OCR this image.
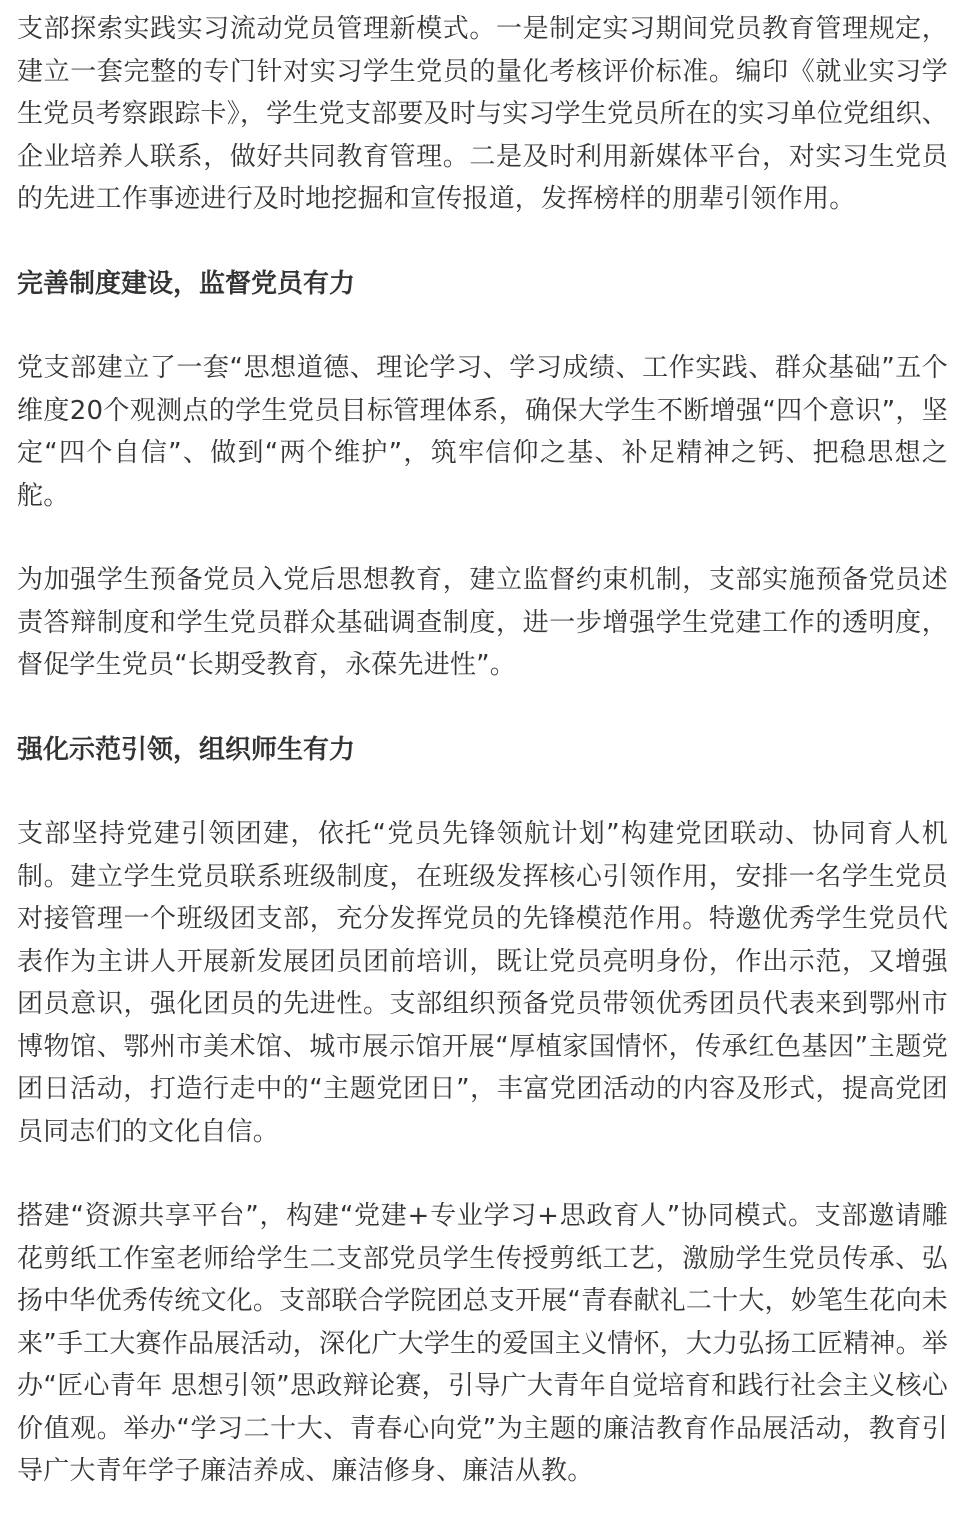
支部探索实践实习流动党员管理新模式。一是制定实习期间党员教育管理规定，建立一套完整的专门针对实习学生党员的量化考核评价标准。编印《就业实习学生党员考察跟踪卡》，学生党支部要及时与实习学生党员所在的实习单位党组织、企业培养人联系，做好共同教育管理。二是及时利用新媒体平台，对实习生党员的先进工作事迹进行及时地挖掘和宣传报道，发挥榜样的朋辈引领作用。

完善制度建设，监督党员有力

党支部建立了一套“思想道德、理论学习、学习成绩、工作实践、群众基础”五个维度20个观测点的学生党员目标管理体系，确保大学生不断增强“四个意识”，坚定“四个自信”、做到“两个维护”，筑牢信仰之基、补足精神之钙、把稳思想之舵。

为加强学生预备党员入党后思想教育，建立监督约束机制，支部实施预备党员述责答辩制度和学生党员群众基础调查制度，进一步增强学生党建工作的透明度，督促学生党员“长期受教育，永葆先进性”。

强化示范引领，组织师生有力

支部坚持党建引领团建，依托“党员先锋领航计划”构建党团联动、协同育人机制。建立学生党员联系班级制度，在班级发挥核心引领作用，安排一名学生党员对接管理一个班级团支部，充分发挥党员的先锋模范作用。特邀优秀学生党员代表作为主讲人开展新发展团员团前培训，既让党员亮明身份，作出示范，又增强团员意识，强化团员的先进性。支部组织预备党员带领优秀团员代表来到鄂州市博物馆、鄂州市美术馆、城市展示馆开展“厚植家国情怀，传承红色基因”主题党团日活动，打造行走中的“主题党团日”，丰富党团活动的内容及形式，提高党团员同志们的文化自信。

搭建“资源共享平台”，构建“党建+专业学习+思政育人”协同模式。支部邀请雕花剪纸工作室老师给学生二支部党员学生传授剪纸工艺，激励学生党员传承、弘扬中华优秀传统文化。支部联合学院团总支开展“青春献礼二十大，妙笔生花向未来”手工大赛作品展活动，深化广大学生的爱国主义情怀，大力弘扬工匠精神。举办“匠心青年 思想引领”思政辩论赛，引导广大青年自觉培育和践行社会主义核心价值观。举办“学习二十大、青春心向党”为主题的廉洁教育作品展活动，教育引导广大青年学子廉洁养成、廉洁修身、廉洁从教。
